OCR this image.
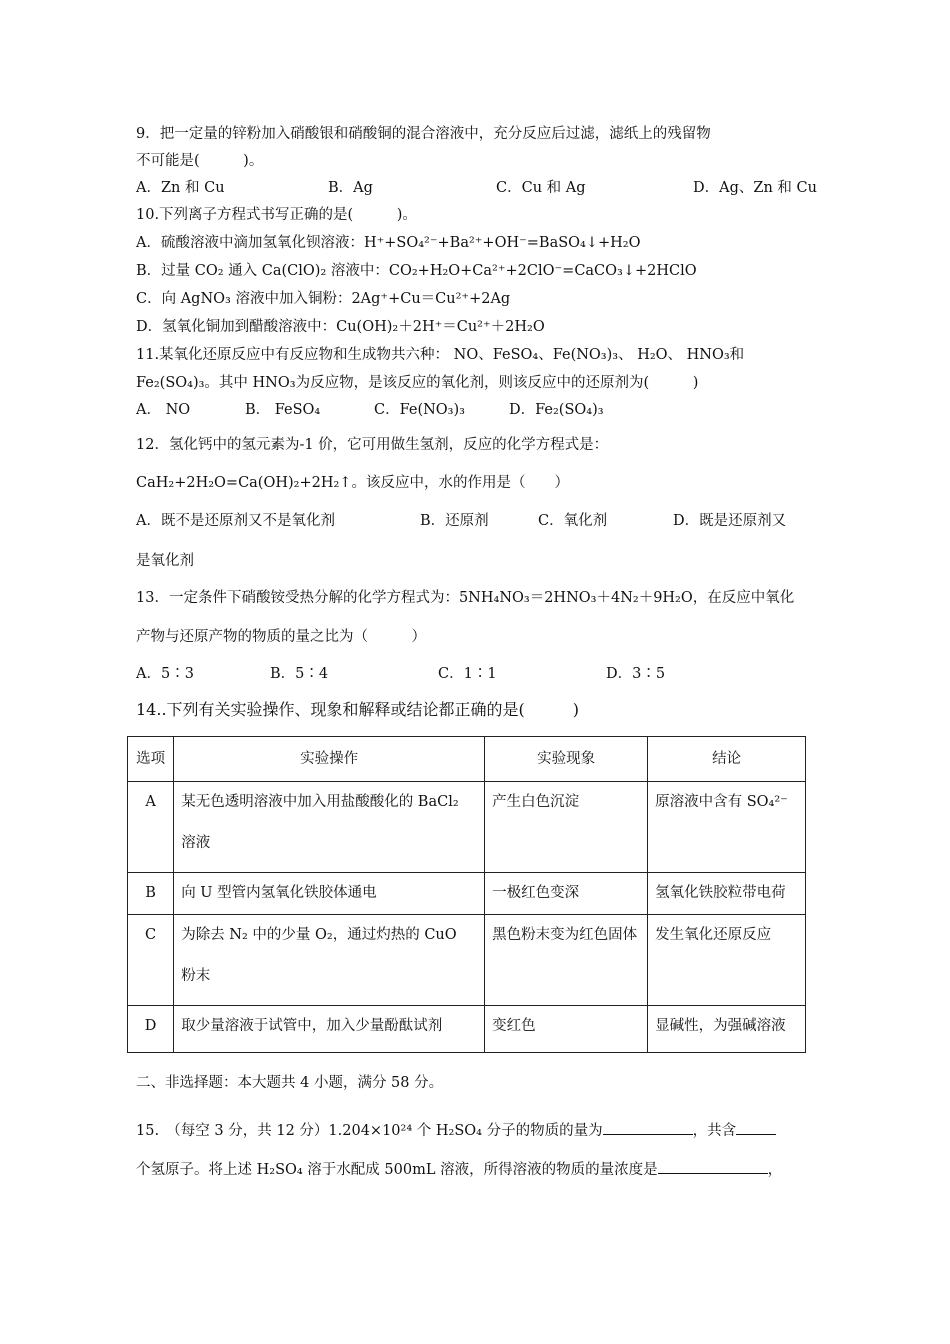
9．把一定量的锌粉加入硝酸银和硝酸铜的混合溶液中，充分反应后过滤，滤纸上的残留物
不可能是(　　　)。
A．Zn 和 Cu	B．Ag	C．Cu 和 Ag	D．Ag、Zn 和 Cu
10.下列离子方程式书写正确的是(　　　)。
A．硫酸溶液中滴加氢氧化钡溶液：H⁺+SO₄²⁻+Ba²⁺+OH⁻=BaSO₄↓+H₂O
B．过量 CO₂ 通入 Ca(ClO)₂ 溶液中：CO₂+H₂O+Ca²⁺+2ClO⁻=CaCO₃↓+2HClO
C．向 AgNO₃ 溶液中加入铜粉：2Ag⁺+Cu＝Cu²⁺+2Ag
D．氢氧化铜加到醋酸溶液中：Cu(OH)₂＋2H⁺＝Cu²⁺＋2H₂O
11.某氧化还原反应中有反应物和生成物共六种： NO、FeSO₄、Fe(NO₃)₃、 H₂O、 HNO₃和
Fe₂(SO₄)₃。其中 HNO₃为反应物，是该反应的氧化剂，则该反应中的还原剂为(　　　)
A． NO	B． FeSO₄	C．Fe(NO₃)₃	D．Fe₂(SO₄)₃
12．氢化钙中的氢元素为-1 价，它可用做生氢剂，反应的化学方程式是：
CaH₂+2H₂O=Ca(OH)₂+2H₂↑。该反应中，水的作用是（　　）
A．既不是还原剂又不是氧化剂	B．还原剂	C．氧化剂	D．既是还原剂又
是氧化剂
13．一定条件下硝酸铵受热分解的化学方程式为：5NH₄NO₃＝2HNO₃＋4N₂＋9H₂O，在反应中氧化
产物与还原产物的物质的量之比为（　　　）
A．5∶3	B．5∶4	C．1∶1	D．3∶5
14..下列有关实验操作、现象和解释或结论都正确的是(　　　)
选项	实验操作	实验现象	结论
A	某无色透明溶液中加入用盐酸酸化的 BaCl₂ 溶液	产生白色沉淀	原溶液中含有 SO₄²⁻
B	向 U 型管内氢氧化铁胶体通电	一极红色变深	氢氧化铁胶粒带电荷
C	为除去 N₂ 中的少量 O₂，通过灼热的 CuO 粉末	黑色粉末变为红色固体	发生氧化还原反应
D	取少量溶液于试管中，加入少量酚酞试剂	变红色	显碱性，为强碱溶液
二、非选择题：本大题共 4 小题，满分 58 分。
15.　（每空 3 分，共 12 分）1.204×10²⁴ 个 H₂SO₄ 分子的物质的量为	，共含
个氢原子。将上述 H₂SO₄ 溶于水配成 500mL 溶液，所得溶液的物质的量浓度是	，
